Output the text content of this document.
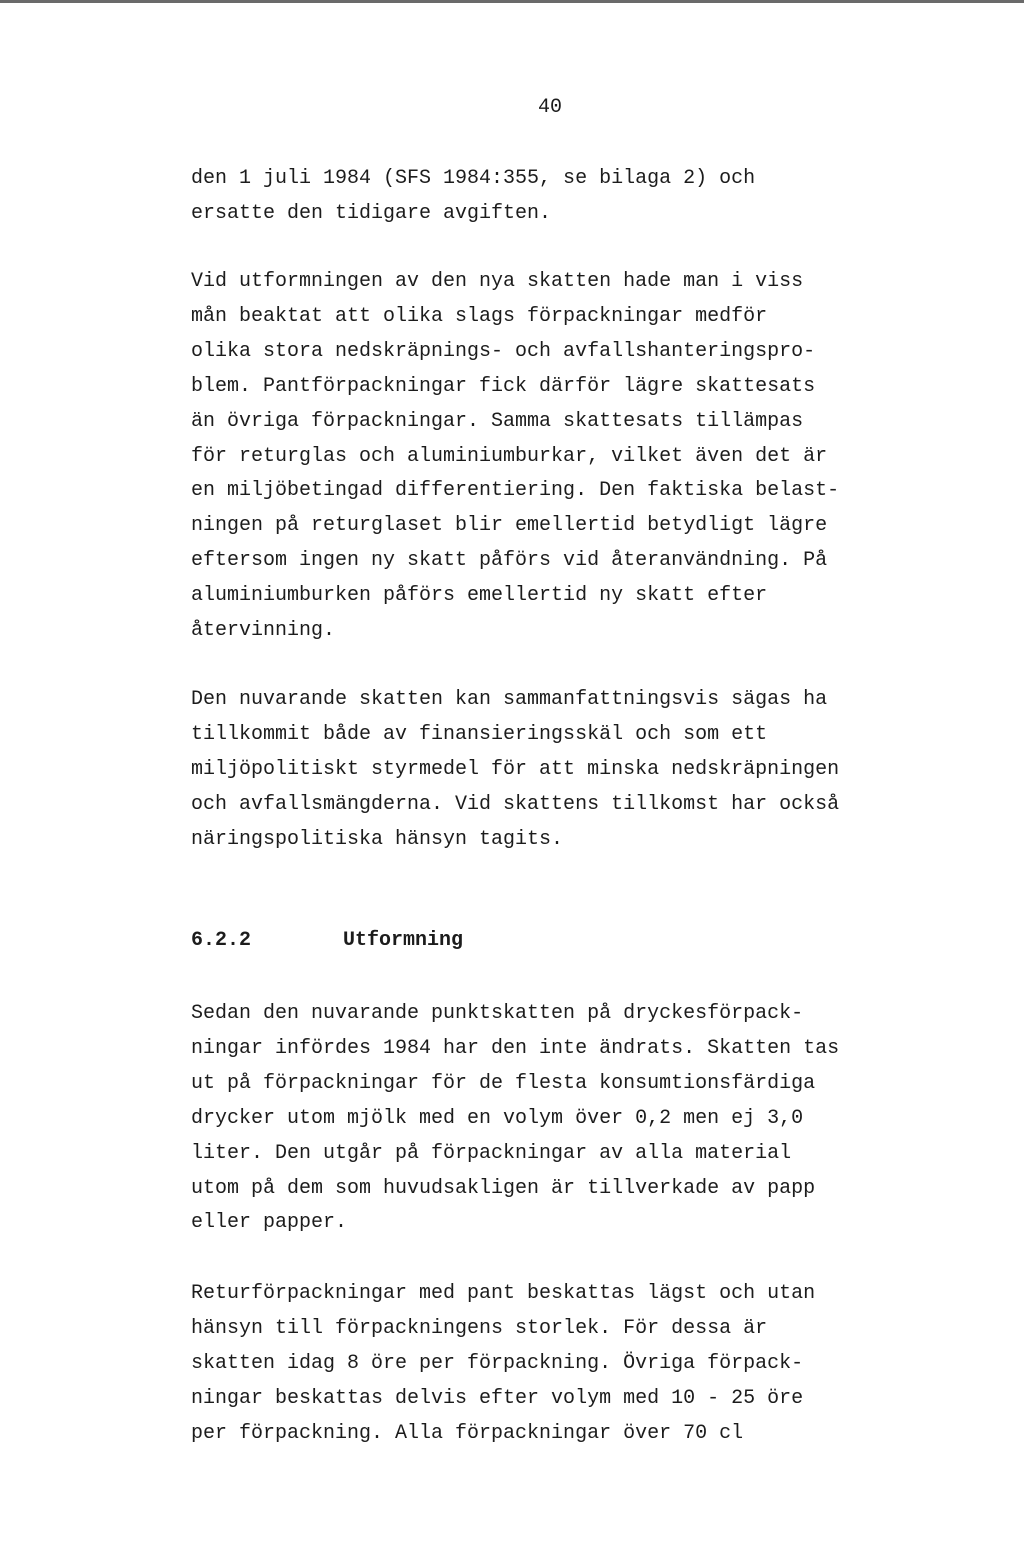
40

den 1 juli 1984 (SFS 1984:355, se bilaga 2) och
ersatte den tidigare avgiften.

Vid utformningen av den nya skatten hade man i viss
mån beaktat att olika slags förpackningar medför
olika stora nedskräpnings- och avfallshanteringspro-
blem. Pantförpackningar fick därför lägre skattesats
än övriga förpackningar. Samma skattesats tillämpas
för returglas och aluminiumburkar, vilket även det är
en miljöbetingad differentiering. Den faktiska belast-
ningen på returglaset blir emellertid betydligt lägre
eftersom ingen ny skatt påförs vid återanvändning. På
aluminiumburken påförs emellertid ny skatt efter
återvinning.

Den nuvarande skatten kan sammanfattningsvis sägas ha
tillkommit både av finansieringsskäl och som ett
miljöpolitiskt styrmedel för att minska nedskräpningen
och avfallsmängderna. Vid skattens tillkomst har också
näringspolitiska hänsyn tagits.

6.2.2	Utformning

Sedan den nuvarande punktskatten på dryckesförpack-
ningar infördes 1984 har den inte ändrats. Skatten tas
ut på förpackningar för de flesta konsumtionsfärdiga
drycker utom mjölk med en volym över 0,2 men ej 3,0
liter. Den utgår på förpackningar av alla material
utom på dem som huvudsakligen är tillverkade av papp
eller papper.

Returförpackningar med pant beskattas lägst och utan
hänsyn till förpackningens storlek. För dessa är
skatten idag 8 öre per förpackning. Övriga förpack-
ningar beskattas delvis efter volym med 10 - 25 öre
per förpackning. Alla förpackningar över 70 cl
